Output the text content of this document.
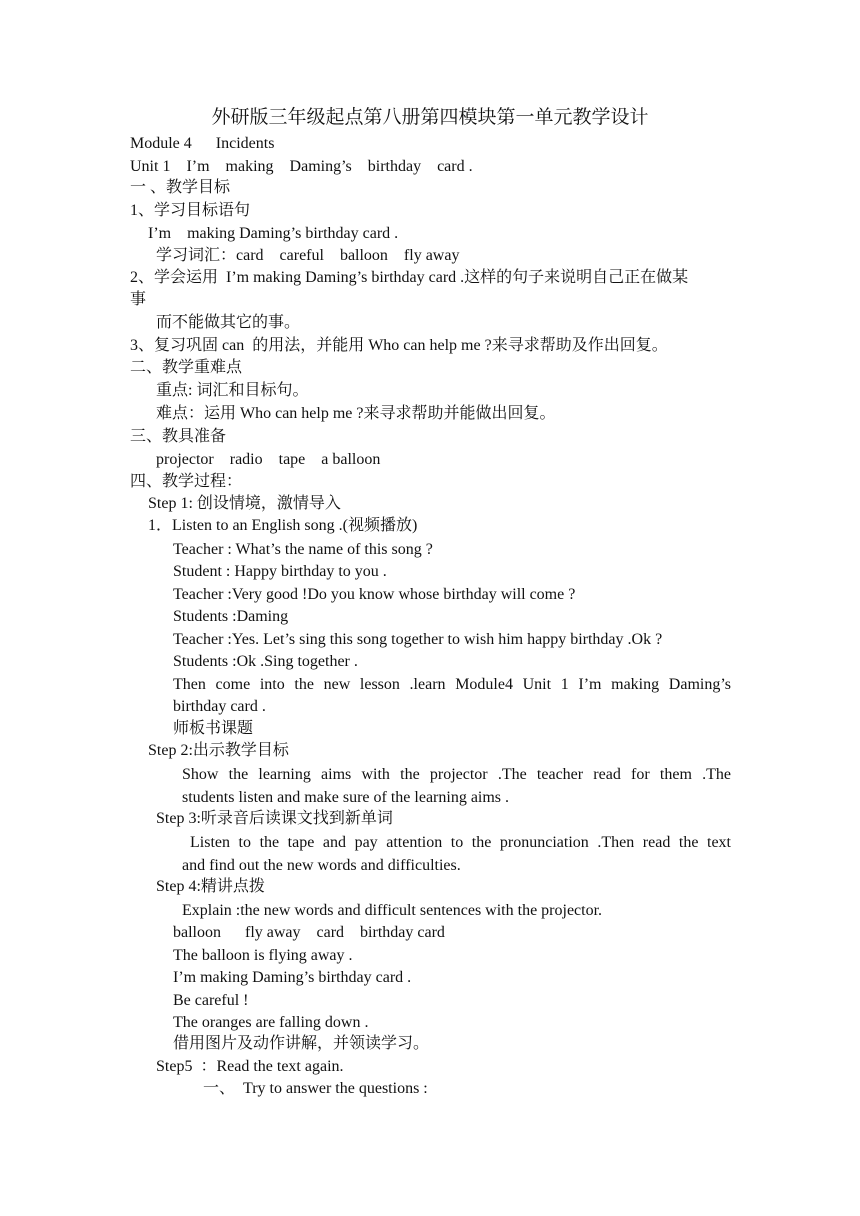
外研版三年级起点第八册第四模块第一单元教学设计
Module 4      Incidents
Unit 1    I’m    making    Daming’s    birthday    card .
一 、教学目标
1、学习目标语句
I’m    making Daming’s birthday card .
学习词汇：card    careful    balloon    fly away
2、学会运用  I’m making Daming’s birthday card .这样的句子来说明自己正在做某
事
而不能做其它的事。
3、复习巩固 can  的用法，并能用 Who can help me ?来寻求帮助及作出回复。
二、教学重难点
重点: 词汇和目标句。
难点：运用 Who can help me ?来寻求帮助并能做出回复。
三、教具准备
projector    radio    tape    a balloon
四、教学过程：
Step 1: 创设情境，激情导入
1．Listen to an English song .(视频播放)
Teacher : What’s the name of this song ?
Student : Happy birthday to you .
Teacher :Very good !Do you know whose birthday will come ?
Students :Daming
Teacher :Yes. Let’s sing this song together to wish him happy birthday .Ok ?
Students :Ok .Sing together .
Then come into the new lesson .learn Module4 Unit 1 I’m making Daming’s
birthday card .
师板书课题
Step 2:出示教学目标
Show the learning aims with the projector .The teacher read for them .The
students listen and make sure of the learning aims .
Step 3:听录音后读课文找到新单词
Listen to the tape and pay attention to the pronunciation .Then read the text
and find out the new words and difficulties.
Step 4:精讲点拨
Explain :the new words and difficult sentences with the projector.
balloon      fly away    card    birthday card
The balloon is flying away .
I’m making Daming’s birthday card .
Be careful !
The oranges are falling down .
借用图片及动作讲解，并领读学习。
Step5  ：Read the text again.
一、  Try to answer the questions :
